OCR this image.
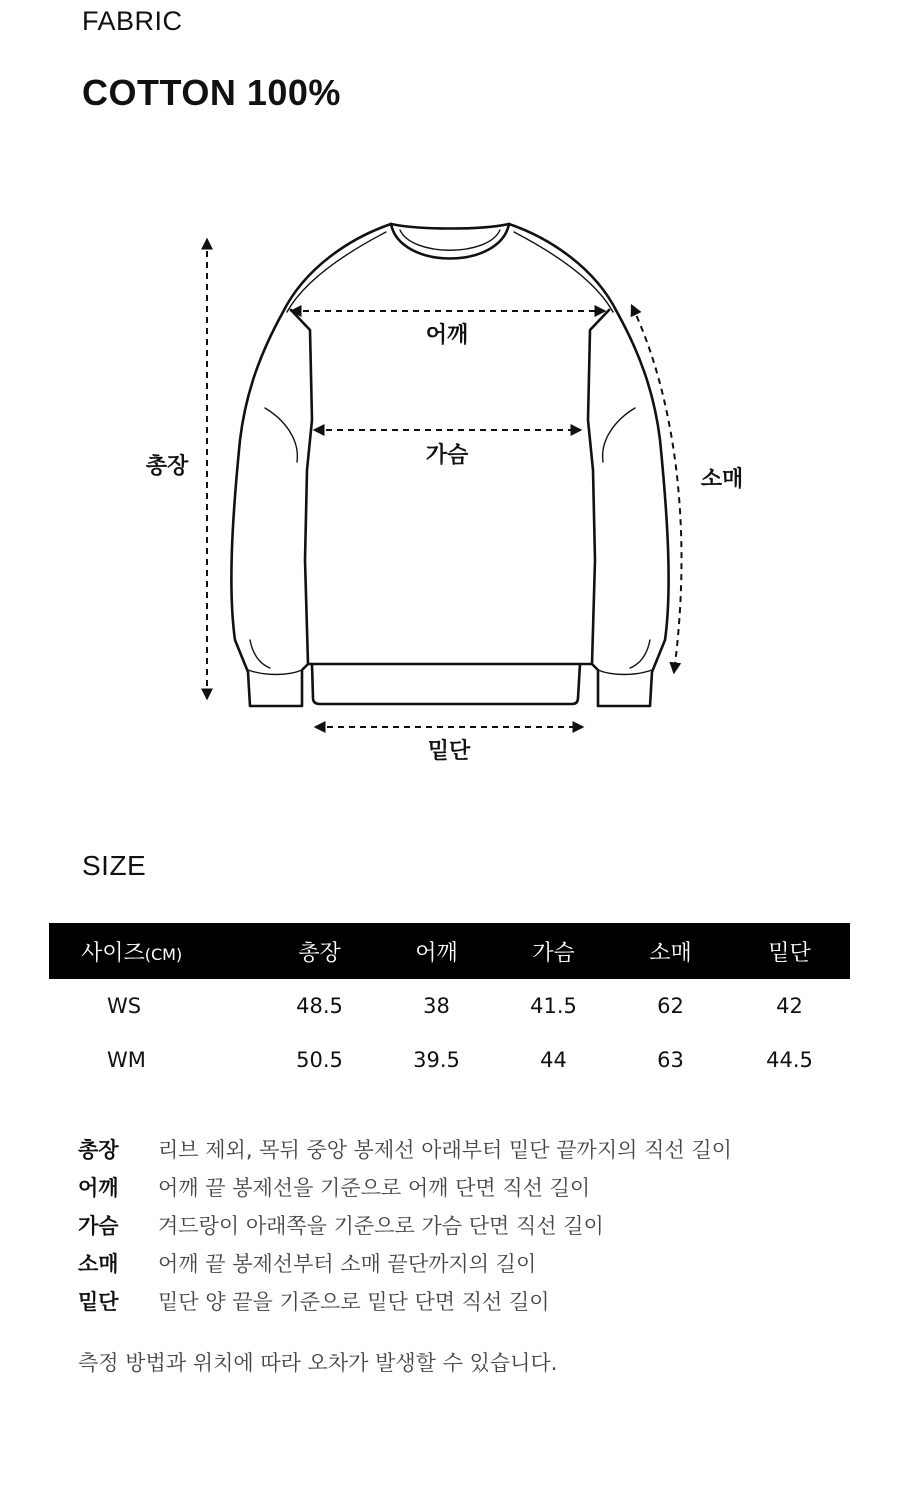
FABRIC
COTTON 100%
총장
어깨
가슴
소매
밑단
SIZE
사이즈(CM)	총장	어깨	가슴	소매	밑단
WS	48.5	38	41.5	62	42
WM	50.5	39.5	44	63	44.5
총장	리브 제외, 목뒤 중앙 봉제선 아래부터 밑단 끝까지의 직선 길이
어깨	어깨 끝 봉제선을 기준으로 어깨 단면 직선 길이
가슴	겨드랑이 아래쪽을 기준으로 가슴 단면 직선 길이
소매	어깨 끝 봉제선부터 소매 끝단까지의 길이
밑단	밑단 양 끝을 기준으로 밑단 단면 직선 길이
측정 방법과 위치에 따라 오차가 발생할 수 있습니다.
